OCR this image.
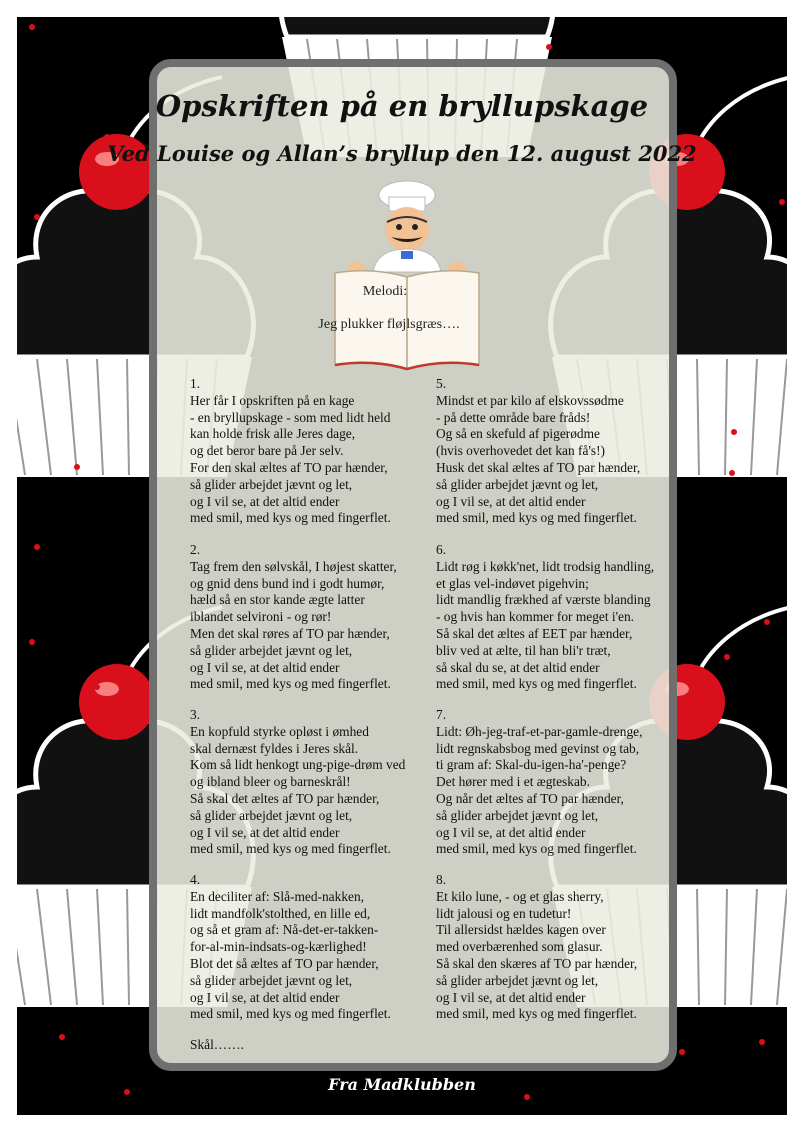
Opskriften på en bryllupskage
Ved Louise og Allan’s bryllup den 12. august 2022
Melodi:
Jeg plukker fløjlsgræs….
1.
Her får I opskriften på en kage
- en bryllupskage - som med lidt held
kan holde frisk alle Jeres dage,
og det beror bare på Jer selv.
For den skal æltes af TO par hænder,
så glider arbejdet jævnt og let,
og I vil se, at det altid ender
med smil, med kys og med fingerflet.
2.
Tag frem den sølvskål, I højest skatter,
og gnid dens bund ind i godt humør,
hæld så en stor kande ægte latter
iblandet selvironi - og rør!
Men det skal røres af TO par hænder,
så glider arbejdet jævnt og let,
og I vil se, at det altid ender
med smil, med kys og med fingerflet.
3.
En kopfuld styrke opløst i ømhed
skal dernæst fyldes i Jeres skål.
Kom så lidt henkogt ung-pige-drøm ved
og ibland bleer og barneskrål!
Så skal det æltes af TO par hænder,
så glider arbejdet jævnt og let,
og I vil se, at det altid ender
med smil, med kys og med fingerflet.
4.
En deciliter af: Slå-med-nakken,
lidt mandfolk'stolthed, en lille ed,
og så et gram af: Nå-det-er-takken-
for-al-min-indsats-og-kærlighed!
Blot det så æltes af TO par hænder,
så glider arbejdet jævnt og let,
og I vil se, at det altid ender
med smil, med kys og med fingerflet.
5.
Mindst et par kilo af elskovssødme
- på dette område bare fråds!
Og så en skefuld af pigerødme
(hvis overhovedet det kan få's!)
Husk det skal æltes af TO par hænder,
så glider arbejdet jævnt og let,
og I vil se, at det altid ender
med smil, med kys og med fingerflet.
6.
Lidt røg i køkk'net, lidt trodsig handling,
et glas vel-indøvet pigehvin;
lidt mandlig frækhed af værste blanding
- og hvis han kommer for meget i'en.
Så skal det æltes af EET par hænder,
bliv ved at ælte, til han bli'r træt,
så skal du se, at det altid ender
med smil, med kys og med fingerflet.
7.
Lidt: Øh-jeg-traf-et-par-gamle-drenge,
lidt regnskabsbog med gevinst og tab,
ti gram af: Skal-du-igen-ha'-penge?
Det hører med i et ægteskab.
Og når det æltes af TO par hænder,
så glider arbejdet jævnt og let,
og I vil se, at det altid ender
med smil, med kys og med fingerflet.
8.
Et kilo lune, - og et glas sherry,
lidt jalousi og en tudetur!
Til allersidst hældes kagen over
med overbærenhed som glasur.
Så skal den skæres af TO par hænder,
så glider arbejdet jævnt og let,
og I vil se, at det altid ender
med smil, med kys og med fingerflet.
Skål…….
Fra Madklubben
